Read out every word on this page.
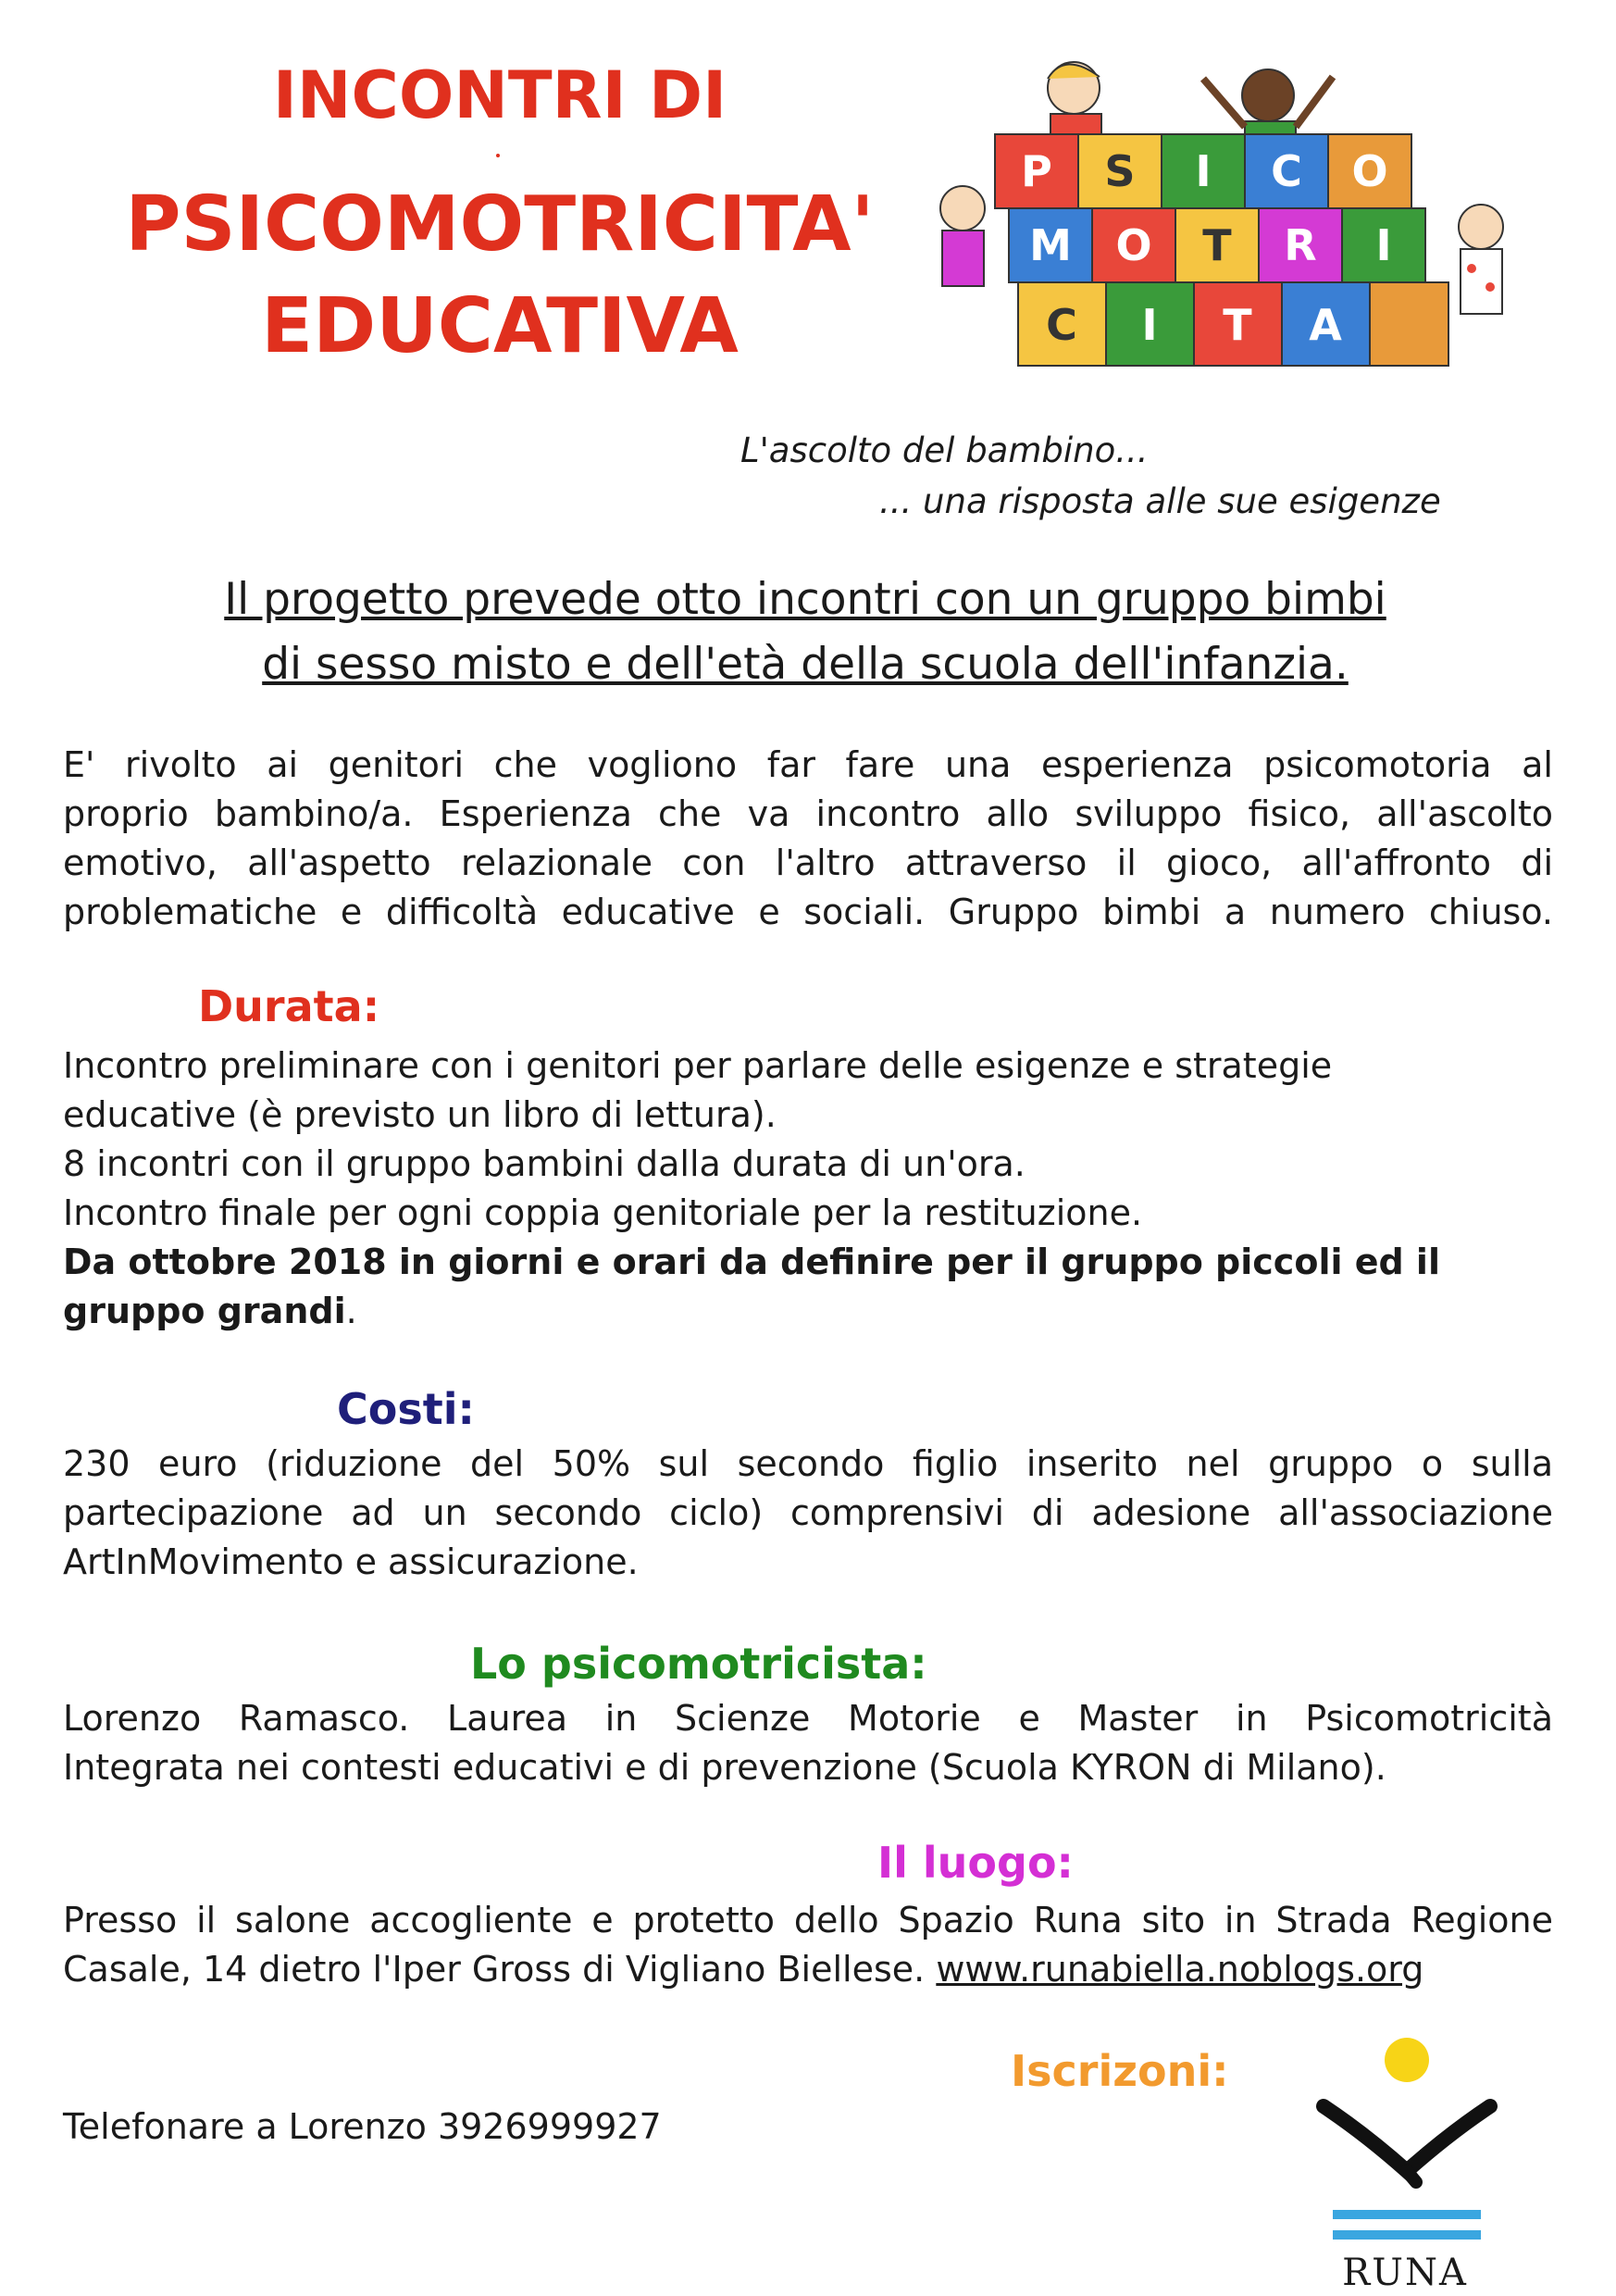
INCONTRI DI
PSICOMOTRICITA'
EDUCATIVA
P S I C O
M O T R I
C I T A
L'ascolto del bambino...
... una risposta alle sue esigenze
Il progetto prevede otto incontri con un gruppo bimbi
di sesso misto e dell'età della scuola dell'infanzia.
E' rivolto ai genitori che vogliono far fare una esperienza psicomotoria al
proprio bambino/a. Esperienza che va incontro allo sviluppo fisico, all'ascolto
emotivo, all'aspetto relazionale con l'altro attraverso il gioco, all'affronto di
problematiche e difficoltà educative e sociali. Gruppo bimbi a numero chiuso.
Durata:
Incontro preliminare con i genitori per parlare delle esigenze e strategie
educative (è previsto un libro di lettura).
8 incontri con il gruppo bambini dalla durata di un'ora.
Incontro finale per ogni coppia genitoriale per la restituzione.
Da ottobre 2018 in giorni e orari da definire per il gruppo piccoli ed il
gruppo grandi.
Costi:
230 euro (riduzione del 50% sul secondo figlio inserito nel gruppo o sulla
partecipazione ad un secondo ciclo) comprensivi di adesione all'associazione
ArtInMovimento e assicurazione.
Lo psicomotricista:
Lorenzo Ramasco. Laurea in Scienze Motorie e Master in Psicomotricità
Integrata nei contesti educativi e di prevenzione (Scuola KYRON di Milano).
Il luogo:
Presso il salone accogliente e protetto dello Spazio Runa sito in Strada Regione
Casale, 14 dietro l'Iper Gross di Vigliano Biellese. www.runabiella.noblogs.org
Iscrizoni:
Telefonare a Lorenzo 3926999927
RUNA
